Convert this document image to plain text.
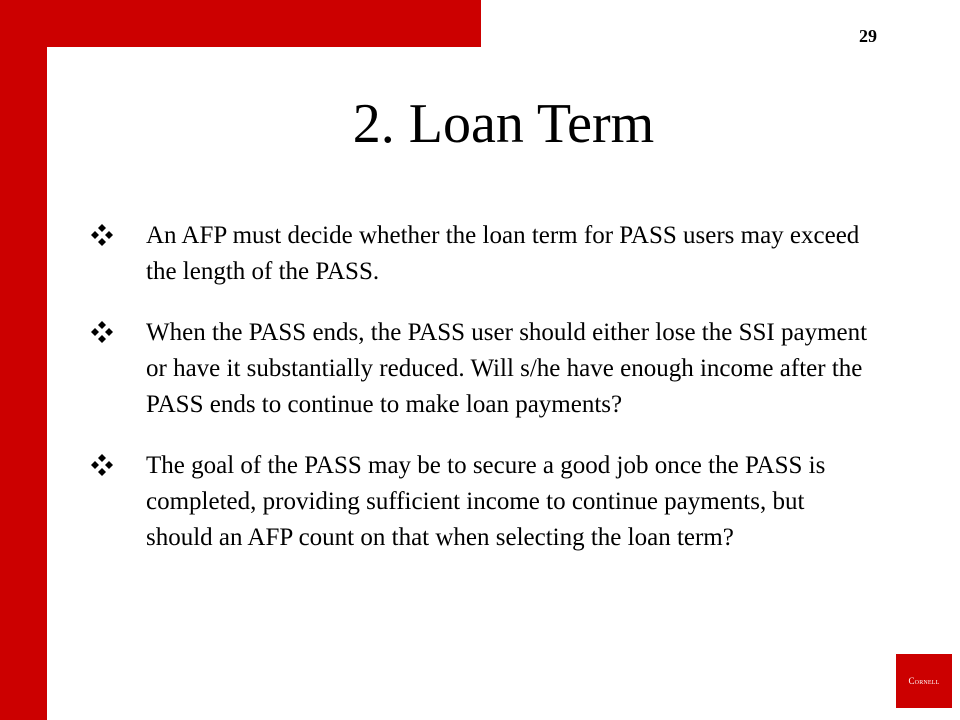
29
2. Loan Term
An AFP must decide whether the loan term for PASS users may exceed the length of the PASS.
When the PASS ends, the PASS user should either lose the SSI payment or have it substantially reduced. Will s/he have enough income after the PASS ends to continue to make loan payments?
The goal of the PASS may be to secure a good job once the PASS is completed, providing sufficient income to continue payments, but should an AFP count on that when selecting the loan term?
Cornell
